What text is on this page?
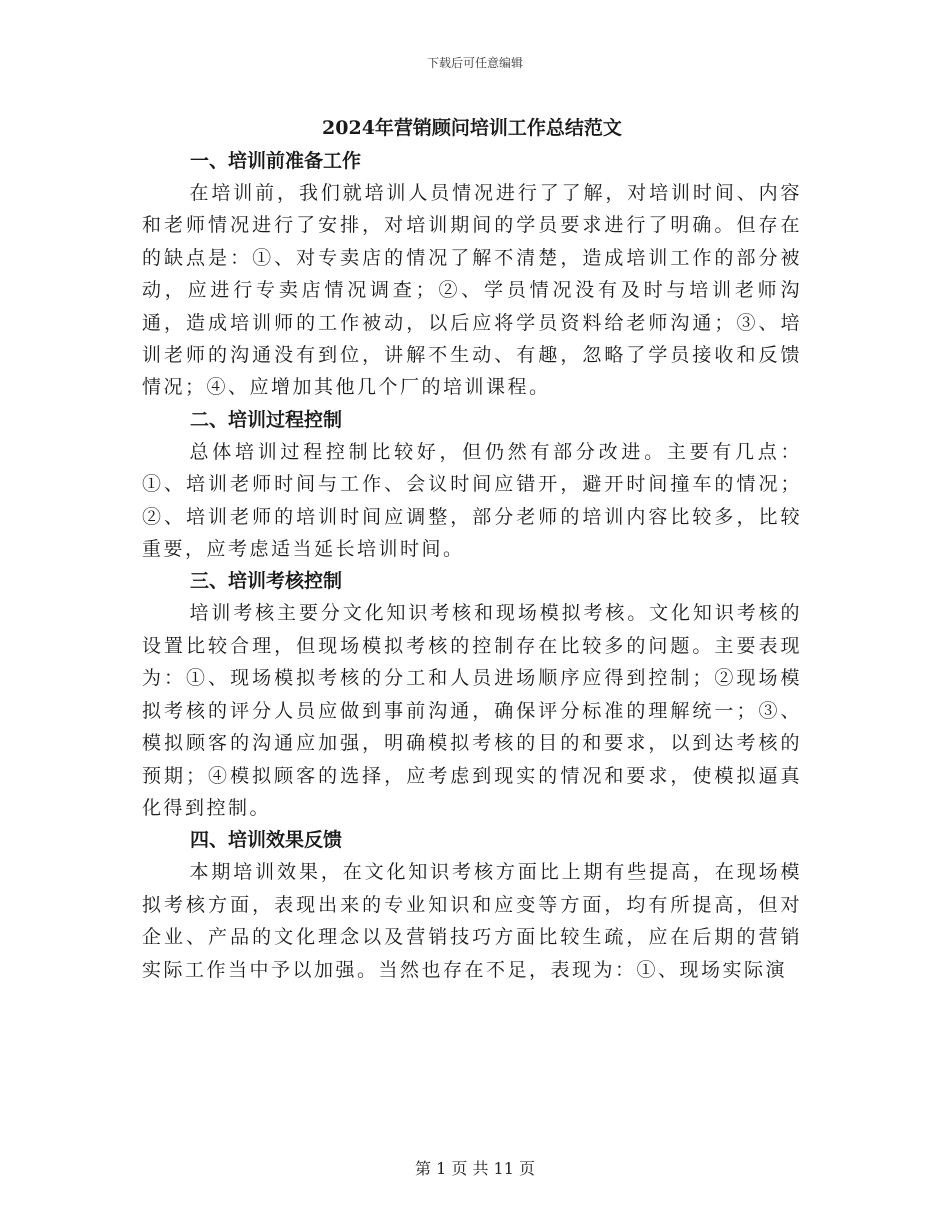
下载后可任意编辑
2024年营销顾问培训工作总结范文
一、培训前准备工作

在培训前，我们就培训人员情况进行了了解，对培训时间、内容和老师情况进行了安排，对培训期间的学员要求进行了明确。但存在的缺点是：①、对专卖店的情况了解不清楚，造成培训工作的部分被动，应进行专卖店情况调查；②、学员情况没有及时与培训老师沟通，造成培训师的工作被动，以后应将学员资料给老师沟通；③、培训老师的沟通没有到位，讲解不生动、有趣，忽略了学员接收和反馈情况；④、应增加其他几个厂的培训课程。

二、培训过程控制

总体培训过程控制比较好，但仍然有部分改进。主要有几点：①、培训老师时间与工作、会议时间应错开，避开时间撞车的情况；②、培训老师的培训时间应调整，部分老师的培训内容比较多，比较重要，应考虑适当延长培训时间。

三、培训考核控制

培训考核主要分文化知识考核和现场模拟考核。文化知识考核的设置比较合理，但现场模拟考核的控制存在比较多的问题。主要表现为：①、现场模拟考核的分工和人员进场顺序应得到控制；②现场模拟考核的评分人员应做到事前沟通，确保评分标准的理解统一；③、模拟顾客的沟通应加强，明确模拟考核的目的和要求，以到达考核的预期；④模拟顾客的选择，应考虑到现实的情况和要求，使模拟逼真化得到控制。

四、培训效果反馈

本期培训效果，在文化知识考核方面比上期有些提高，在现场模拟考核方面，表现出来的专业知识和应变等方面，均有所提高，但对企业、产品的文化理念以及营销技巧方面比较生疏，应在后期的营销实际工作当中予以加强。当然也存在不足，表现为：①、现场实际演

第 1 页 共 11 页
